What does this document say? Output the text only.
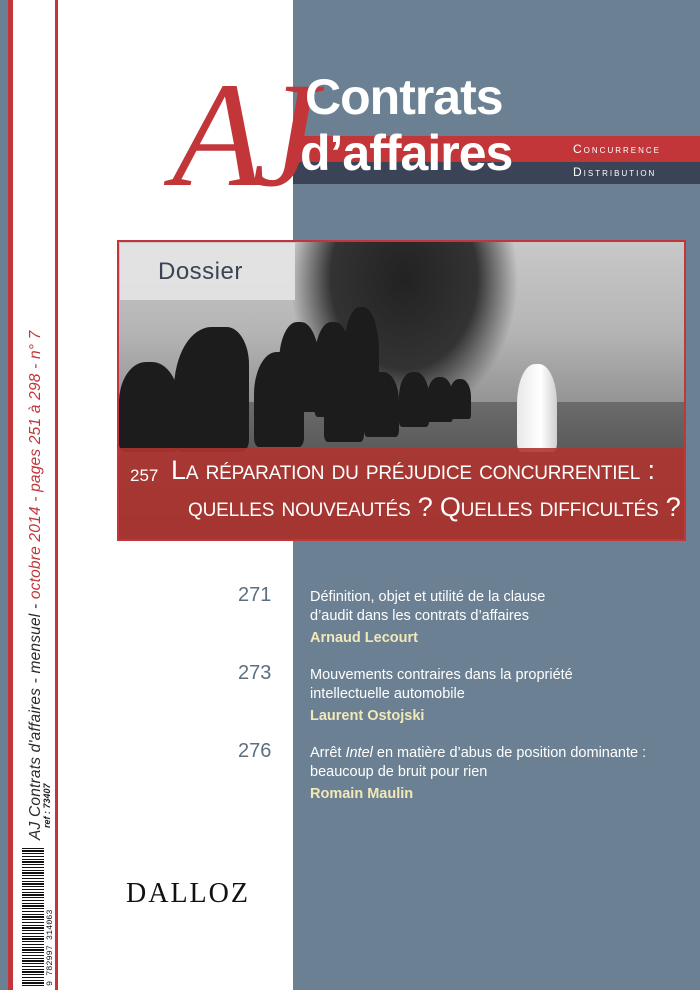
AJ Contrats d'affaires - mensuel - octobre 2014 - pages 251 à 298 - n° 7
ref : 73407
9 782997 314063
AJ
Contrats
d’affaires	Concurrence
Distribution
Dossier
257 La réparation du préjudice concurrentiel :
quelles nouveautés ? Quelles difficultés ?
271	Définition, objet et utilité de la clause
d’audit dans les contrats d’affaires
Arnaud Lecourt
273	Mouvements contraires dans la propriété
intellectuelle automobile
Laurent Ostojski
276	Arrêt Intel en matière d’abus de position dominante :
beaucoup de bruit pour rien
Romain Maulin
DALLOZ
